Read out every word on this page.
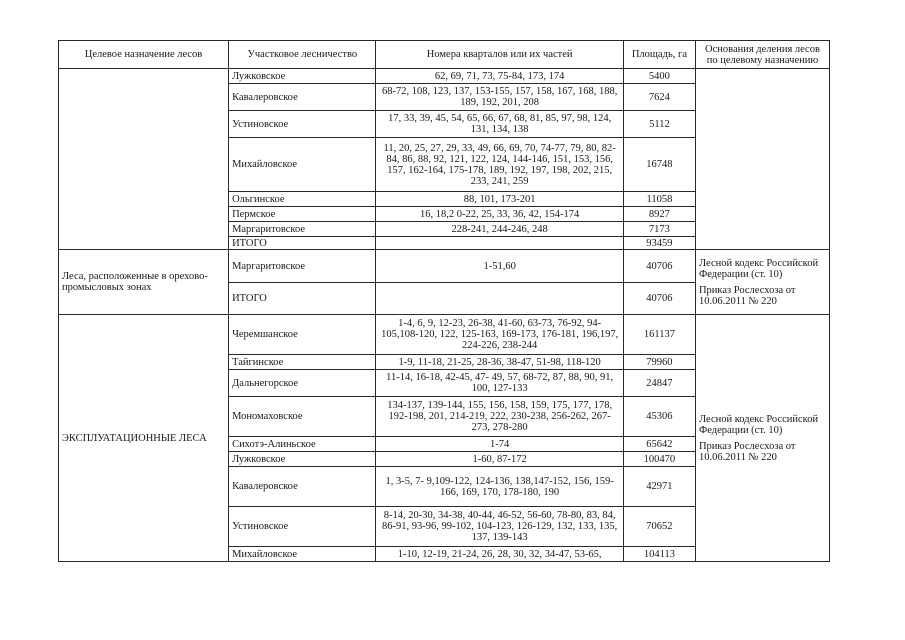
Целевое назначение лесов	Участковое лесничество	Номера кварталов или их частей	Площадь, га	Основания деления лесов по целевому назначению
	Лужковское	62, 69, 71, 73, 75-84, 173, 174	5400	
	Кавалеровское	68-72, 108, 123, 137, 153-155, 157, 158, 167, 168, 188, 189, 192, 201, 208	7624	
	Устиновское	17, 33, 39, 45, 54, 65, 66, 67, 68, 81, 85, 97, 98, 124, 131, 134, 138	5112	
	Михайловское	11, 20, 25, 27, 29, 33, 49, 66, 69, 70, 74-77, 79, 80, 82-84, 86, 88, 92, 121, 122, 124, 144-146, 151, 153, 156, 157, 162-164, 175-178, 189, 192, 197, 198, 202, 215, 233, 241, 259	16748	
	Ольгинское	88, 101, 173-201	11058	
	Пермское	16, 18,2 0-22, 25, 33, 36, 42, 154-174	8927	
	Маргаритовское	228-241, 244-246, 248	7173	
	ИТОГО		93459	
Леса, расположенные в орехово-промысловых зонах	Маргаритовское	1-51,60	40706	Лесной кодекс Российской Федерации (ст. 10)
Приказ Рослесхоза от 10.06.2011 № 220

	ИТОГО		40706	
ЭКСПЛУАТАЦИОННЫЕ ЛЕСА	Черемшанское	1-4, 6, 9, 12-23, 26-38, 41-60, 63-73, 76-92, 94-105,108-120, 122, 125-163, 169-173, 176-181, 196,197, 224-226, 238-244	161137	Лесной кодекс Российской Федерации (ст. 10)
Приказ Рослесхоза от 10.06.2011 № 220

	Тайгинское	1-9, 11-18, 21-25, 28-36, 38-47, 51-98, 118-120	79960	
	Дальнегорское	11-14, 16-18, 42-45, 47- 49, 57, 68-72, 87, 88, 90, 91, 100, 127-133	24847	
	Мономаховское	134-137, 139-144, 155, 156, 158, 159, 175, 177, 178, 192-198, 201, 214-219, 222, 230-238, 256-262, 267-273, 278-280	45306	
	Сихотэ-Алиньское	1-74	65642	
	Лужковское	1-60, 87-172	100470	
	Кавалеровское	1, 3-5, 7- 9,109-122, 124-136, 138,147-152, 156, 159-166, 169, 170, 178-180, 190	42971	
	Устиновское	8-14, 20-30, 34-38, 40-44, 46-52, 56-60, 78-80, 83, 84, 86-91, 93-96, 99-102, 104-123, 126-129, 132, 133, 135, 137, 139-143	70652	
	Михайловское	1-10, 12-19, 21-24, 26, 28, 30, 32, 34-47, 53-65,	104113	
